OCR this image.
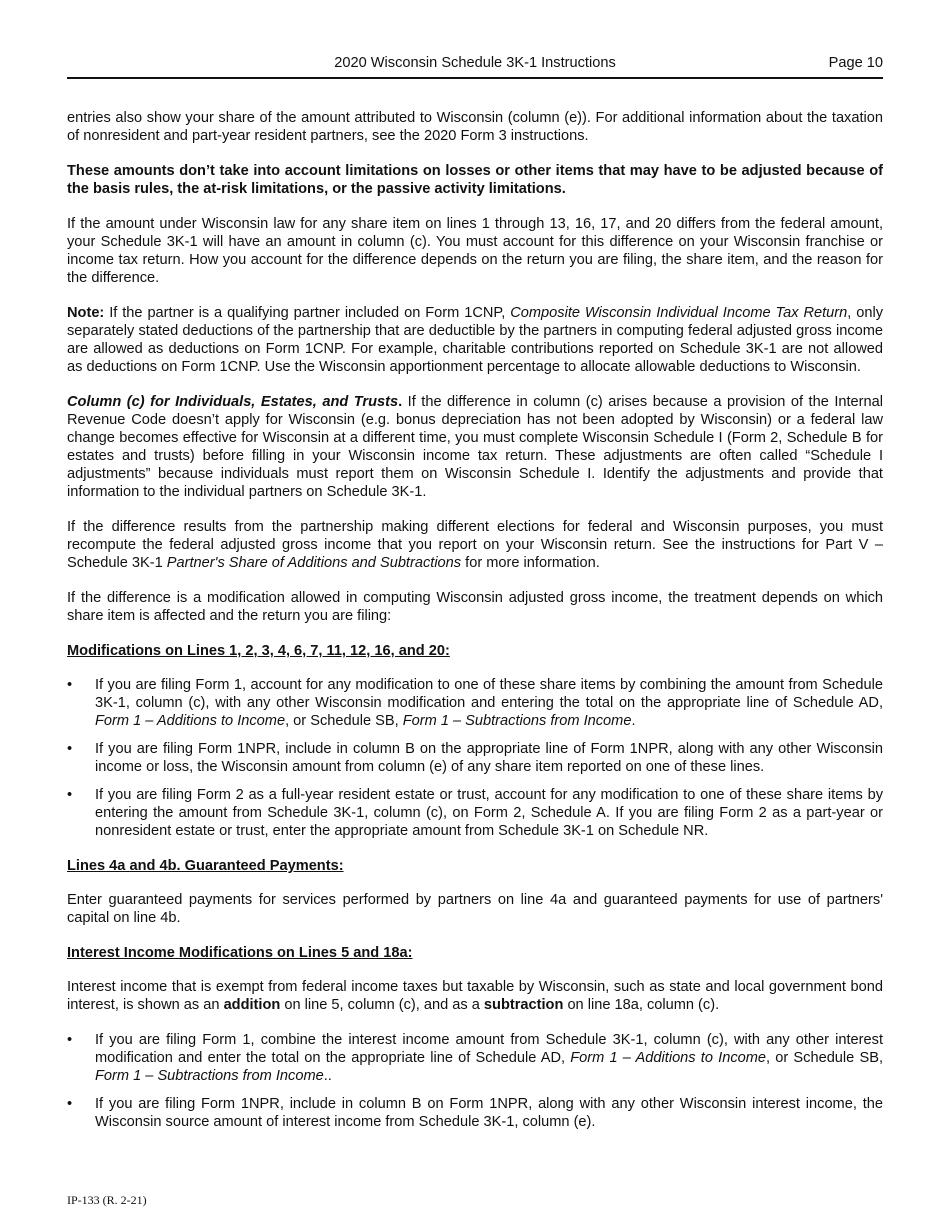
2020 Wisconsin Schedule 3K-1 Instructions	Page 10

entries also show your share of the amount attributed to Wisconsin (column (e)). For additional information about the taxation of nonresident and part-year resident partners, see the 2020 Form 3 instructions.

These amounts don’t take into account limitations on losses or other items that may have to be adjusted because of the basis rules, the at-risk limitations, or the passive activity limitations.

If the amount under Wisconsin law for any share item on lines 1 through 13, 16, 17, and 20 differs from the federal amount, your Schedule 3K-1 will have an amount in column (c). You must account for this difference on your Wisconsin franchise or income tax return. How you account for the difference depends on the return you are filing, the share item, and the reason for the difference.

Note: If the partner is a qualifying partner included on Form 1CNP, Composite Wisconsin Individual Income Tax Return, only separately stated deductions of the partnership that are deductible by the partners in computing federal adjusted gross income are allowed as deductions on Form 1CNP. For example, charitable contributions reported on Schedule 3K-1 are not allowed as deductions on Form 1CNP. Use the Wisconsin apportionment percentage to allocate allowable deductions to Wisconsin.

Column (c) for Individuals, Estates, and Trusts. If the difference in column (c) arises because a provision of the Internal Revenue Code doesn’t apply for Wisconsin (e.g. bonus depreciation has not been adopted by Wisconsin) or a federal law change becomes effective for Wisconsin at a different time, you must complete Wisconsin Schedule I (Form 2, Schedule B for estates and trusts) before filling in your Wisconsin income tax return. These adjustments are often called “Schedule I adjustments” because individuals must report them on Wisconsin Schedule I. Identify the adjustments and provide that information to the individual partners on Schedule 3K-1.

If the difference results from the partnership making different elections for federal and Wisconsin purposes, you must recompute the federal adjusted gross income that you report on your Wisconsin return. See the instructions for Part V – Schedule 3K-1 Partner's Share of Additions and Subtractions for more information.

If the difference is a modification allowed in computing Wisconsin adjusted gross income, the treatment depends on which share item is affected and the return you are filing:

Modifications on Lines 1, 2, 3, 4, 6, 7, 11, 12, 16, and 20:
• If you are filing Form 1, account for any modification to one of these share items by combining the amount from Schedule 3K-1, column (c), with any other Wisconsin modification and entering the total on the appropriate line of Schedule AD, Form 1 – Additions to Income, or Schedule SB, Form 1 – Subtractions from Income.
• If you are filing Form 1NPR, include in column B on the appropriate line of Form 1NPR, along with any other Wisconsin income or loss, the Wisconsin amount from column (e) of any share item reported on one of these lines.
• If you are filing Form 2 as a full-year resident estate or trust, account for any modification to one of these share items by entering the amount from Schedule 3K-1, column (c), on Form 2, Schedule A. If you are filing Form 2 as a part-year or nonresident estate or trust, enter the appropriate amount from Schedule 3K-1 on Schedule NR.
Lines 4a and 4b. Guaranteed Payments:

Enter guaranteed payments for services performed by partners on line 4a and guaranteed payments for use of partners' capital on line 4b.

Interest Income Modifications on Lines 5 and 18a:

Interest income that is exempt from federal income taxes but taxable by Wisconsin, such as state and local government bond interest, is shown as an addition on line 5, column (c), and as a subtraction on line 18a, column (c).

• If you are filing Form 1, combine the interest income amount from Schedule 3K-1, column (c), with any other interest modification and enter the total on the appropriate line of Schedule AD, Form 1 – Additions to Income, or Schedule SB, Form 1 – Subtractions from Income..
• If you are filing Form 1NPR, include in column B on Form 1NPR, along with any other Wisconsin interest income, the Wisconsin source amount of interest income from Schedule 3K-1, column (e).
IP-133 (R. 2-21)
